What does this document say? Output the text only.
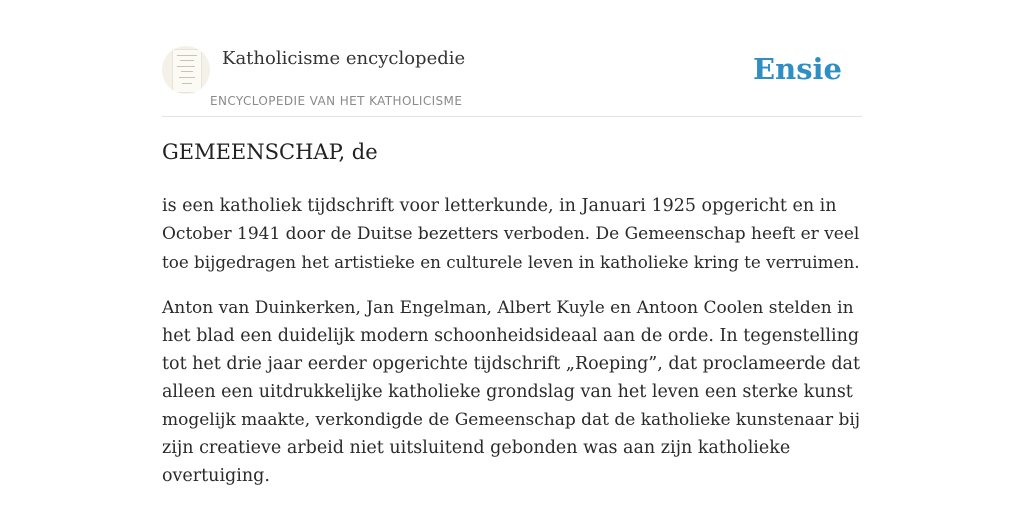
Katholicisme encyclopedie
ENCYCLOPEDIE VAN HET KATHOLICISME
Ensie
GEMEENSCHAP, de

is een katholiek tijdschrift voor letterkunde, in Januari 1925 opgericht en in
October 1941 door de Duitse bezetters verboden. De Gemeenschap heeft er veel
toe bijgedragen het artistieke en culturele leven in katholieke kring te verruimen.

Anton van Duinkerken, Jan Engelman, Albert Kuyle en Antoon Coolen stelden in
het blad een duidelijk modern schoonheidsideaal aan de orde. In tegenstelling
tot het drie jaar eerder opgerichte tijdschrift „Roeping”, dat proclameerde dat
alleen een uitdrukkelijke katholieke grondslag van het leven een sterke kunst
mogelijk maakte, verkondigde de Gemeenschap dat de katholieke kunstenaar bij
zijn creatieve arbeid niet uitsluitend gebonden was aan zijn katholieke
overtuiging.
